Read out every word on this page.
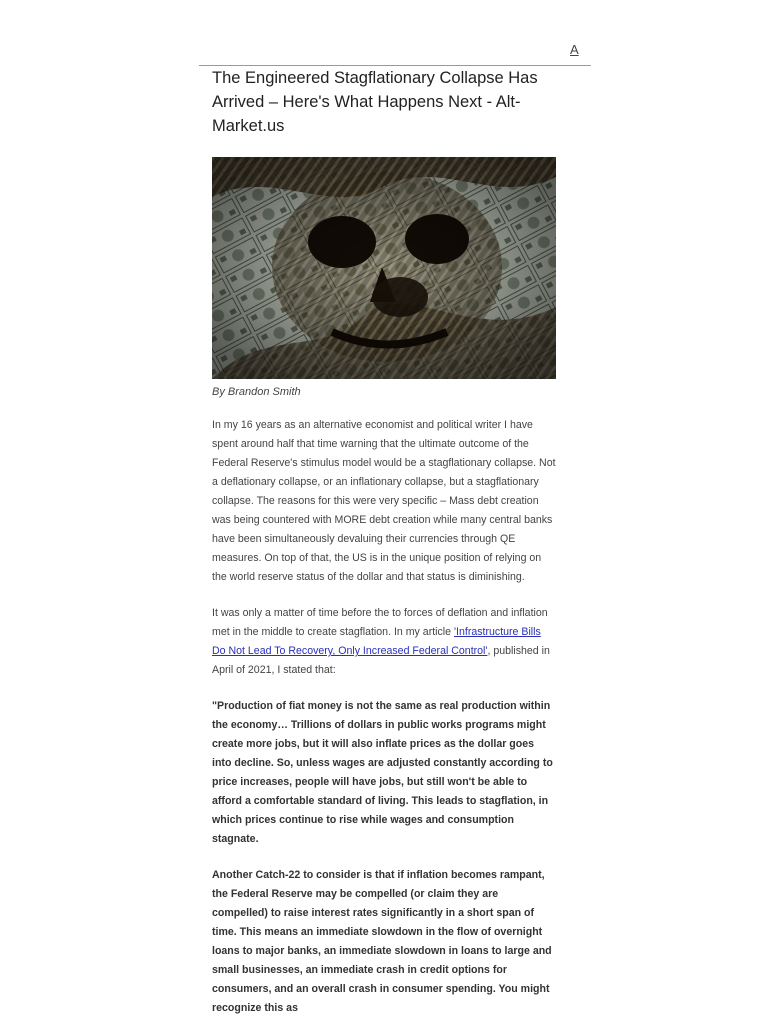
A
The Engineered Stagflationary Collapse Has Arrived – Here's What Happens Next - Alt-Market.us

By Brandon Smith

In my 16 years as an alternative economist and political writer I have spent around half that time warning that the ultimate outcome of the Federal Reserve's stimulus model would be a stagflationary collapse. Not a deflationary collapse, or an inflationary collapse, but a stagflationary collapse. The reasons for this were very specific – Mass debt creation was being countered with MORE debt creation while many central banks have been simultaneously devaluing their currencies through QE measures. On top of that, the US is in the unique position of relying on the world reserve status of the dollar and that status is diminishing.

It was only a matter of time before the to forces of deflation and inflation met in the middle to create stagflation. In my article 'Infrastructure Bills Do Not Lead To Recovery, Only Increased Federal Control', published in April of 2021, I stated that:

"Production of fiat money is not the same as real production within the economy… Trillions of dollars in public works programs might create more jobs, but it will also inflate prices as the dollar goes into decline. So, unless wages are adjusted constantly according to price increases, people will have jobs, but still won't be able to afford a comfortable standard of living. This leads to stagflation, in which prices continue to rise while wages and consumption stagnate.

Another Catch-22 to consider is that if inflation becomes rampant, the Federal Reserve may be compelled (or claim they are compelled) to raise interest rates significantly in a short span of time. This means an immediate slowdown in the flow of overnight loans to major banks, an immediate slowdown in loans to large and small businesses, an immediate crash in credit options for consumers, and an overall crash in consumer spending. You might recognize this as
